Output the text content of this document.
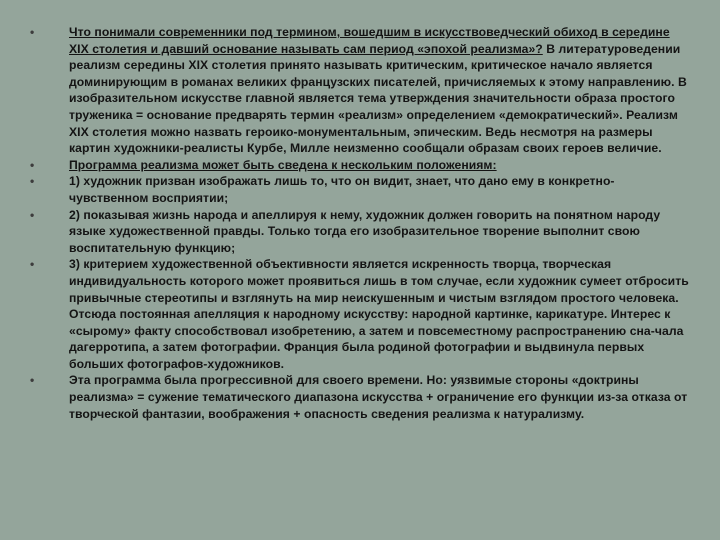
•	Что понимали современники под термином, вошедшим в искусствоведческий обиход в середине XIX столетия и давший основание называть сам период «эпохой реализма»? В литературоведении реализм середины XIX столетия принято называть критическим, критическое начало является доминирующим в романах великих французских писателей, причисляемых к этому направлению. В изобразительном искусстве главной является тема утверждения значительности образа простого труженика = основание предварять термин «реализм» определением «демократический». Реализм XIX столетия можно назвать героико-монументальным, эпическим. Ведь несмотря на размеры картин художники-реалисты Курбе, Милле неизменно сообщали образам своих героев величие.
•	Программа реализма может быть сведена к нескольким положениям:
•	1) художник призван изображать лишь то, что он видит, знает, что дано ему в конкретно-чувственном восприятии;
•	2) показывая жизнь народа и апеллируя к нему, художник должен говорить на понятном народу языке художественной правды. Только тогда его изобразительное творение выполнит свою воспитательную функцию;
•	3) критерием художественной объективности является искренность творца, творческая индивидуальность которого может проявиться лишь в том случае, если художник сумеет отбросить привычные стереотипы и взглянуть на мир неискушенным и чистым взглядом простого человека. Отсюда постоянная апелляция к народному искусству: народной картинке, карикатуре. Интерес к «сырому» факту способствовал изобретению, а затем и повсеместному распространению сна-чала дагерротипа, а затем фотографии. Франция была родиной фотографии и выдвинула первых больших фотографов-художников.
•	Эта программа была прогрессивной для своего времени. Но: уязвимые стороны «доктрины реализма» = сужение тематического диапазона искусства + ограничение его функции из-за отказа от творческой фантазии, воображения + опасность сведения реализма к натурализму.
